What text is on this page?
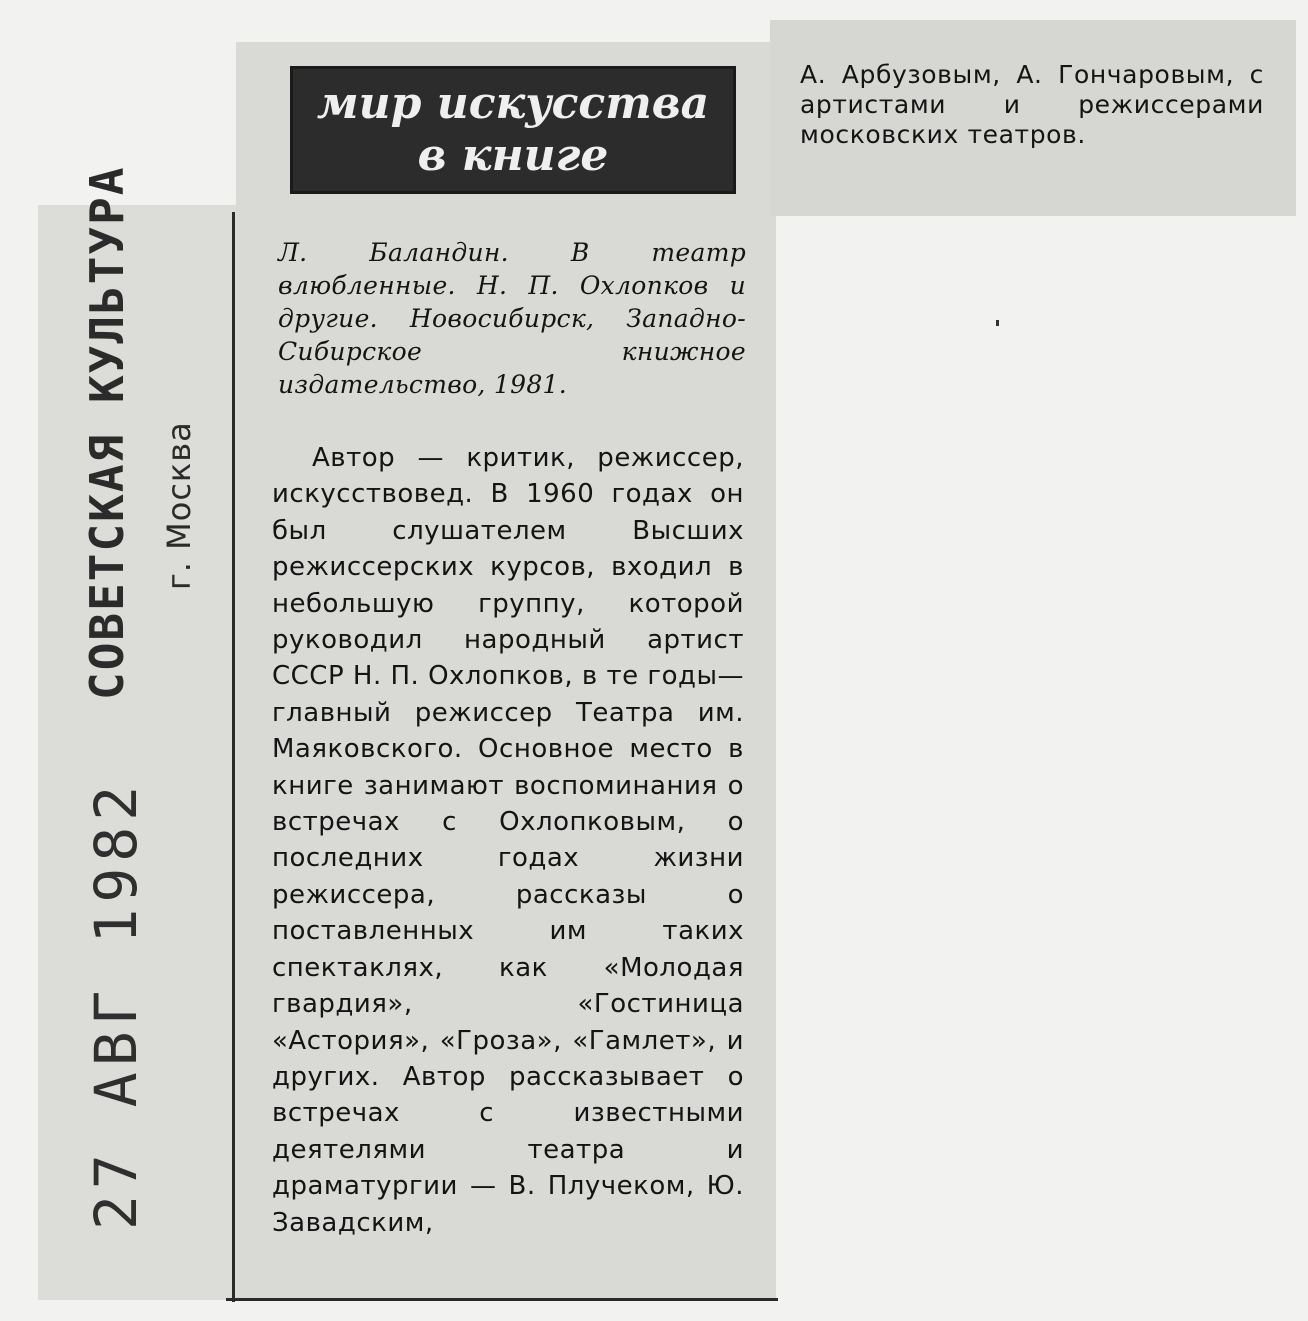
мир искусства
в книге
Л. Баландин. В театр влюбленные. Н. П. Охлопков и другие. Новосибирск, Западно-Сибирское книжное издательство, 1981.
Автор — критик, режиссер, искусствовед. В 1960 годах он был слушателем Высших режиссерских курсов, входил в небольшую группу, которой руководил народный артист СССР Н. П. Охлопков, в те годы—главный режиссер Театра им. Маяковского. Основное место в книге занимают воспоминания о встречах с Охлопковым, о последних годах жизни режиссера, рассказы о поставленных им таких спектаклях, как «Молодая гвардия», «Гостиница «Астория», «Гроза», «Гамлет», и других. Автор рассказывает о встречах с известными деятелями театра и драматургии — В. Плучеком, Ю. Завадским,
А. Арбузовым, А. Гончаровым, с артистами и режиссерами московских театров.
г. Москва
27 АВГ 1982
